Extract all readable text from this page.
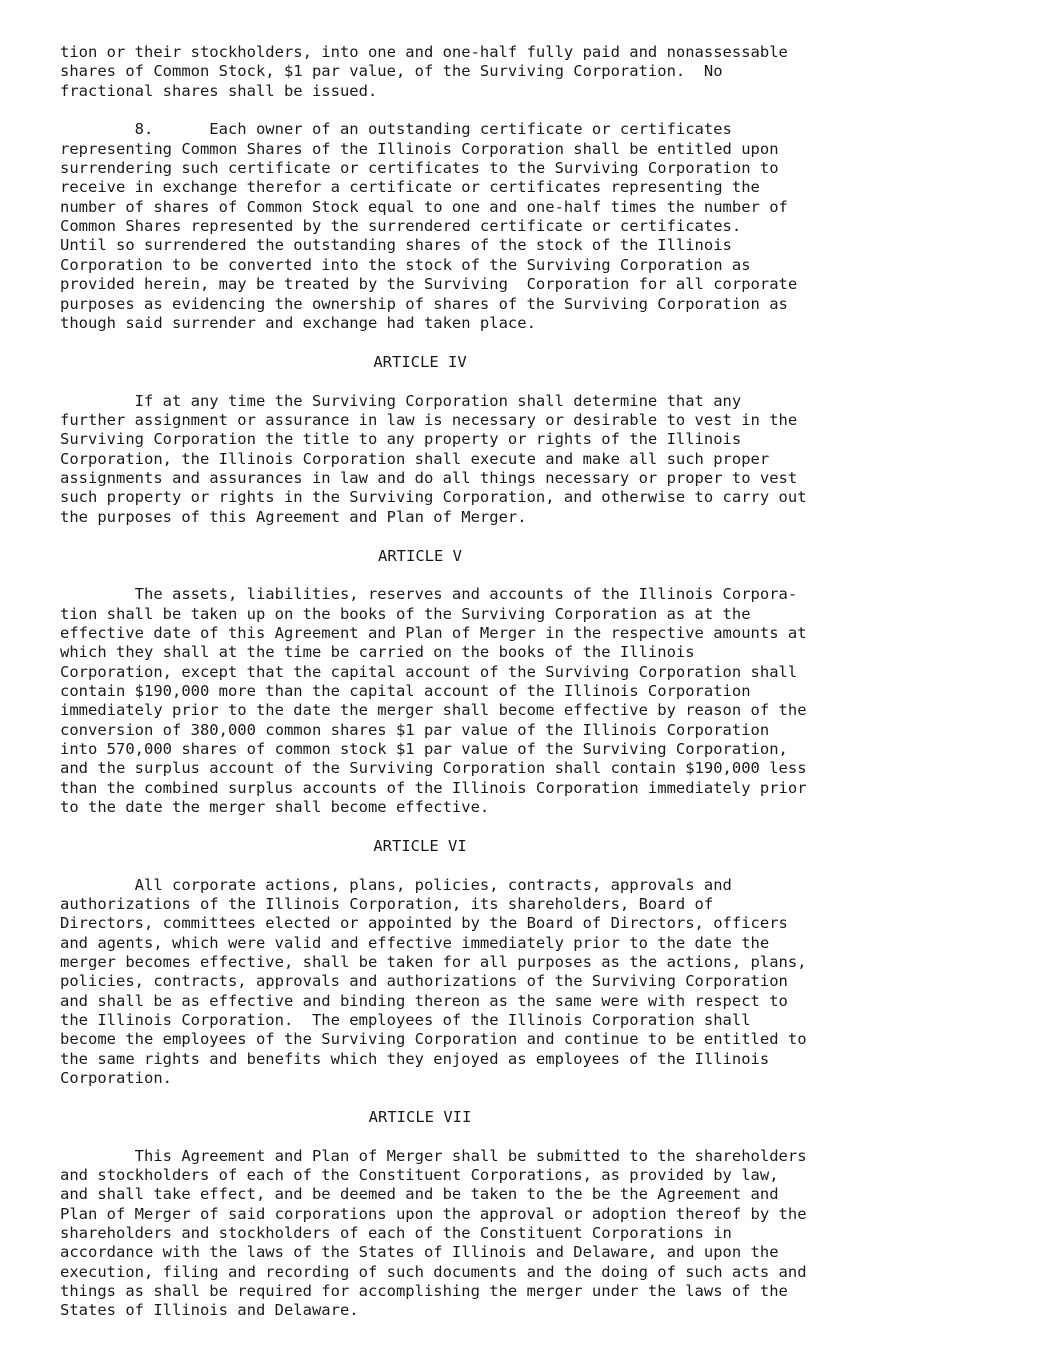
tion or their stockholders, into one and one-half fully paid and nonassessable

shares of Common Stock, $1 par value, of the Surviving Corporation.  No

fractional shares shall be issued.

8.      Each owner of an outstanding certificate or certificates

representing Common Shares of the Illinois Corporation shall be entitled upon

surrendering such certificate or certificates to the Surviving Corporation to

receive in exchange therefor a certificate or certificates representing the

number of shares of Common Stock equal to one and one-half times the number of

Common Shares represented by the surrendered certificate or certificates.

Until so surrendered the outstanding shares of the stock of the Illinois

Corporation to be converted into the stock of the Surviving Corporation as

provided herein, may be treated by the Surviving  Corporation for all corporate

purposes as evidencing the ownership of shares of the Surviving Corporation as

though said surrender and exchange had taken place.

ARTICLE IV

If at any time the Surviving Corporation shall determine that any

further assignment or assurance in law is necessary or desirable to vest in the

Surviving Corporation the title to any property or rights of the Illinois

Corporation, the Illinois Corporation shall execute and make all such proper

assignments and assurances in law and do all things necessary or proper to vest

such property or rights in the Surviving Corporation, and otherwise to carry out

the purposes of this Agreement and Plan of Merger.

ARTICLE V

The assets, liabilities, reserves and accounts of the Illinois Corpora-

tion shall be taken up on the books of the Surviving Corporation as at the

effective date of this Agreement and Plan of Merger in the respective amounts at

which they shall at the time be carried on the books of the Illinois

Corporation, except that the capital account of the Surviving Corporation shall

contain $190,000 more than the capital account of the Illinois Corporation

immediately prior to the date the merger shall become effective by reason of the

conversion of 380,000 common shares $1 par value of the Illinois Corporation

into 570,000 shares of common stock $1 par value of the Surviving Corporation,

and the surplus account of the Surviving Corporation shall contain $190,000 less

than the combined surplus accounts of the Illinois Corporation immediately prior

to the date the merger shall become effective.

ARTICLE VI

All corporate actions, plans, policies, contracts, approvals and

authorizations of the Illinois Corporation, its shareholders, Board of

Directors, committees elected or appointed by the Board of Directors, officers

and agents, which were valid and effective immediately prior to the date the

merger becomes effective, shall be taken for all purposes as the actions, plans,

policies, contracts, approvals and authorizations of the Surviving Corporation

and shall be as effective and binding thereon as the same were with respect to

the Illinois Corporation.  The employees of the Illinois Corporation shall

become the employees of the Surviving Corporation and continue to be entitled to

the same rights and benefits which they enjoyed as employees of the Illinois

Corporation.

ARTICLE VII

This Agreement and Plan of Merger shall be submitted to the shareholders

and stockholders of each of the Constituent Corporations, as provided by law,

and shall take effect, and be deemed and be taken to the be the Agreement and

Plan of Merger of said corporations upon the approval or adoption thereof by the

shareholders and stockholders of each of the Constituent Corporations in

accordance with the laws of the States of Illinois and Delaware, and upon the

execution, filing and recording of such documents and the doing of such acts and

things as shall be required for accomplishing the merger under the laws of the

States of Illinois and Delaware.
